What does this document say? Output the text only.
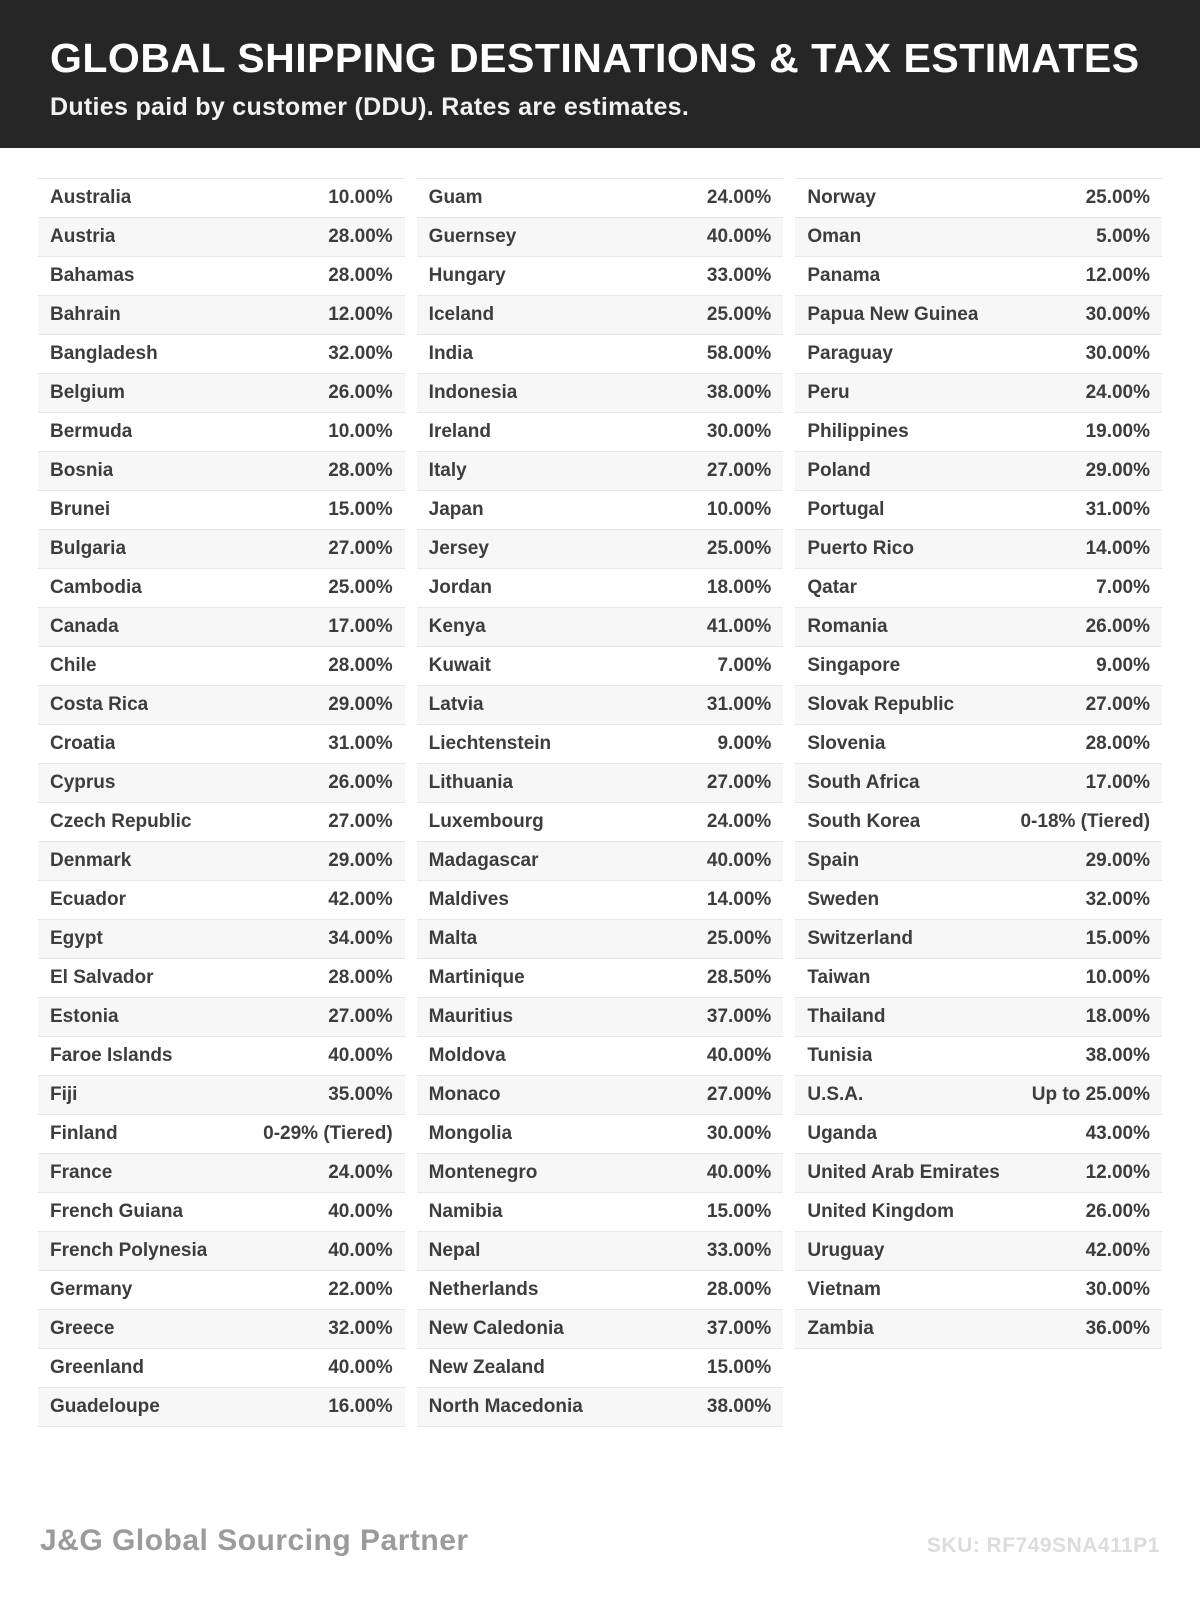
GLOBAL SHIPPING DESTINATIONS & TAX ESTIMATES
Duties paid by customer (DDU). Rates are estimates.
Australia	10.00%
Austria	28.00%
Bahamas	28.00%
Bahrain	12.00%
Bangladesh	32.00%
Belgium	26.00%
Bermuda	10.00%
Bosnia	28.00%
Brunei	15.00%
Bulgaria	27.00%
Cambodia	25.00%
Canada	17.00%
Chile	28.00%
Costa Rica	29.00%
Croatia	31.00%
Cyprus	26.00%
Czech Republic	27.00%
Denmark	29.00%
Ecuador	42.00%
Egypt	34.00%
El Salvador	28.00%
Estonia	27.00%
Faroe Islands	40.00%
Fiji	35.00%
Finland	0-29% (Tiered)
France	24.00%
French Guiana	40.00%
French Polynesia	40.00%
Germany	22.00%
Greece	32.00%
Greenland	40.00%
Guadeloupe	16.00%
Guam	24.00%
Guernsey	40.00%
Hungary	33.00%
Iceland	25.00%
India	58.00%
Indonesia	38.00%
Ireland	30.00%
Italy	27.00%
Japan	10.00%
Jersey	25.00%
Jordan	18.00%
Kenya	41.00%
Kuwait	7.00%
Latvia	31.00%
Liechtenstein	9.00%
Lithuania	27.00%
Luxembourg	24.00%
Madagascar	40.00%
Maldives	14.00%
Malta	25.00%
Martinique	28.50%
Mauritius	37.00%
Moldova	40.00%
Monaco	27.00%
Mongolia	30.00%
Montenegro	40.00%
Namibia	15.00%
Nepal	33.00%
Netherlands	28.00%
New Caledonia	37.00%
New Zealand	15.00%
North Macedonia	38.00%
Norway	25.00%
Oman	5.00%
Panama	12.00%
Papua New Guinea	30.00%
Paraguay	30.00%
Peru	24.00%
Philippines	19.00%
Poland	29.00%
Portugal	31.00%
Puerto Rico	14.00%
Qatar	7.00%
Romania	26.00%
Singapore	9.00%
Slovak Republic	27.00%
Slovenia	28.00%
South Africa	17.00%
South Korea	0-18% (Tiered)
Spain	29.00%
Sweden	32.00%
Switzerland	15.00%
Taiwan	10.00%
Thailand	18.00%
Tunisia	38.00%
U.S.A.	Up to 25.00%
Uganda	43.00%
United Arab Emirates	12.00%
United Kingdom	26.00%
Uruguay	42.00%
Vietnam	30.00%
Zambia	36.00%
J&G Global Sourcing Partner	SKU: RF749SNA411P1
